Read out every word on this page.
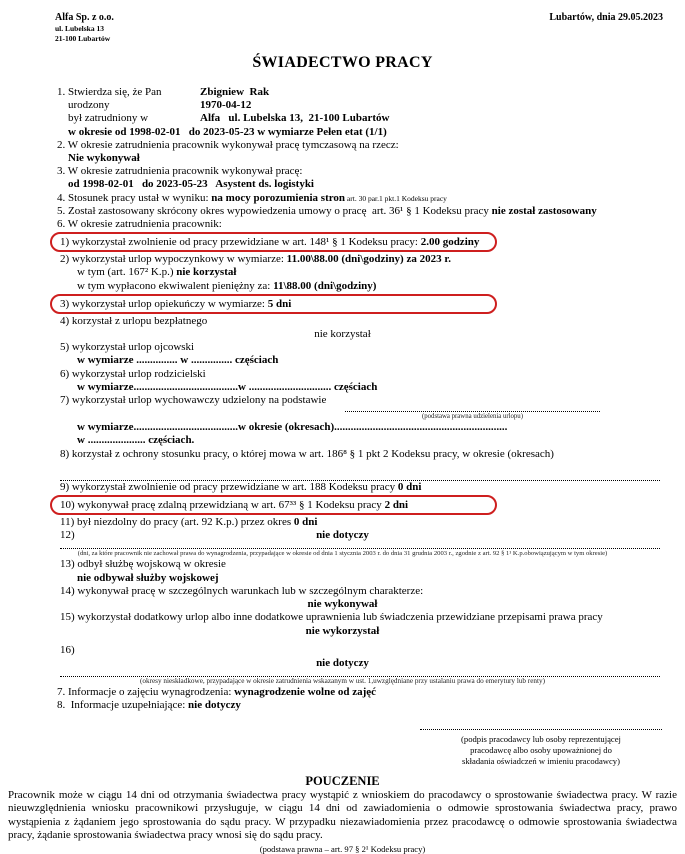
Alfa Sp. z o.o.
ul. Lubelska 13
21-100 Lubartów
Lubartów, dnia 29.05.2023
ŚWIADECTWO PRACY
1. Stwierdza się, że Pan	Zbigniew  Rak
urodzony	1970-04-12
był zatrudniony w	Alfa   ul. Lubelska 13,  21-100 Lubartów
w okresie od 1998-02-01   do 2023-05-23 w wymiarze Pełen etat (1/1)
2. W okresie zatrudnienia pracownik wykonywał pracę tymczasową na rzecz:
Nie wykonywał
3. W okresie zatrudnienia pracownik wykonywał pracę:
od 1998-02-01   do 2023-05-23   Asystent ds. logistyki
4. Stosunek pracy ustał w wyniku: na mocy porozumienia stron art. 30 par.1 pkt.1 Kodeksu pracy
5. Został zastosowany skrócony okres wypowiedzenia umowy o pracę  art. 36¹ § 1 Kodeksu pracy nie został zastosowany
6. W okresie zatrudnienia pracownik:
1) wykorzystał zwolnienie od pracy przewidziane w art. 148¹ § 1 Kodeksu pracy: 2.00 godziny
2) wykorzystał urlop wypoczynkowy w wymiarze: 11.00\88.00 (dni\godziny) za 2023 r.
w tym (art. 167² K.p.) nie korzystał
w tym wypłacono ekwiwalent pieniężny za: 11\88.00 (dni\godziny)
3) wykorzystał urlop opiekuńczy w wymiarze: 5 dni
4) korzystał z urlopu bezpłatnego
nie korzystał
5) wykorzystał urlop ojcowski
w wymiarze ............... w ............... częściach
6) wykorzystał urlop rodzicielski
w wymiarze......................................w .............................. częściach
7) wykorzystał urlop wychowawczy udzielony na podstawie
(podstawa prawna udzielenia urlopu)
w wymiarze......................................w okresie (okresach)...............................................................
w ..................... częściach.
8) korzystał z ochrony stosunku pracy, o której mowa w art. 186⁸ § 1 pkt 2 Kodeksu pracy, w okresie (okresach)
9) wykorzystał zwolnienie od pracy przewidziane w art. 188 Kodeksu pracy 0 dni
10) wykonywał pracę zdalną przewidzianą w art. 67³³ § 1 Kodeksu pracy 2 dni
11) był niezdolny do pracy (art. 92 K.p.) przez okres 0 dni
12)	nie dotyczy
(dni, za które pracownik nie zachował prawa do wynagrodzenia, przypadające w okresie od dnia 1 stycznia 2003 r. do dnia 31 grudnia 2003 r., zgodnie z art. 92 § 1¹ K.p.obowiązującym w tym okresie)
13) odbył służbę wojskową w okresie
nie odbywał służby wojskowej
14) wykonywał pracę w szczególnych warunkach lub w szczególnym charakterze:
nie wykonywał
15) wykorzystał dodatkowy urlop albo inne dodatkowe uprawnienia lub świadczenia przewidziane przepisami prawa pracy
nie wykorzystał
16)
nie dotyczy
(okresy nieskładkowe, przypadające w okresie zatrudnienia wskazanym w ust. 1,uwzględniane przy ustalaniu prawa do emerytury lub renty)
7. Informacje o zajęciu wynagrodzenia: wynagrodzenie wolne od zajęć
8.  Informacje uzupełniające: nie dotyczy
(podpis pracodawcy lub osoby reprezentującej
pracodawcę albo osoby upoważnionej do
składania oświadczeń w imieniu pracodawcy)
POUCZENIE
Pracownik może w ciągu 14 dni od otrzymania świadectwa pracy wystąpić z wnioskiem do pracodawcy o sprostowanie świadectwa pracy. W razie nieuwzględnienia wniosku pracownikowi przysługuje, w ciągu 14 dni od zawiadomienia o odmowie sprostowania świadectwa pracy, prawo wystąpienia z żądaniem jego sprostowania do sądu pracy. W przypadku niezawiadomienia przez pracodawcę o odmowie sprostowania świadectwa pracy, żądanie sprostowania świadectwa pracy wnosi się do sądu pracy.
(podstawa prawna – art. 97 § 2¹ Kodeksu pracy)
